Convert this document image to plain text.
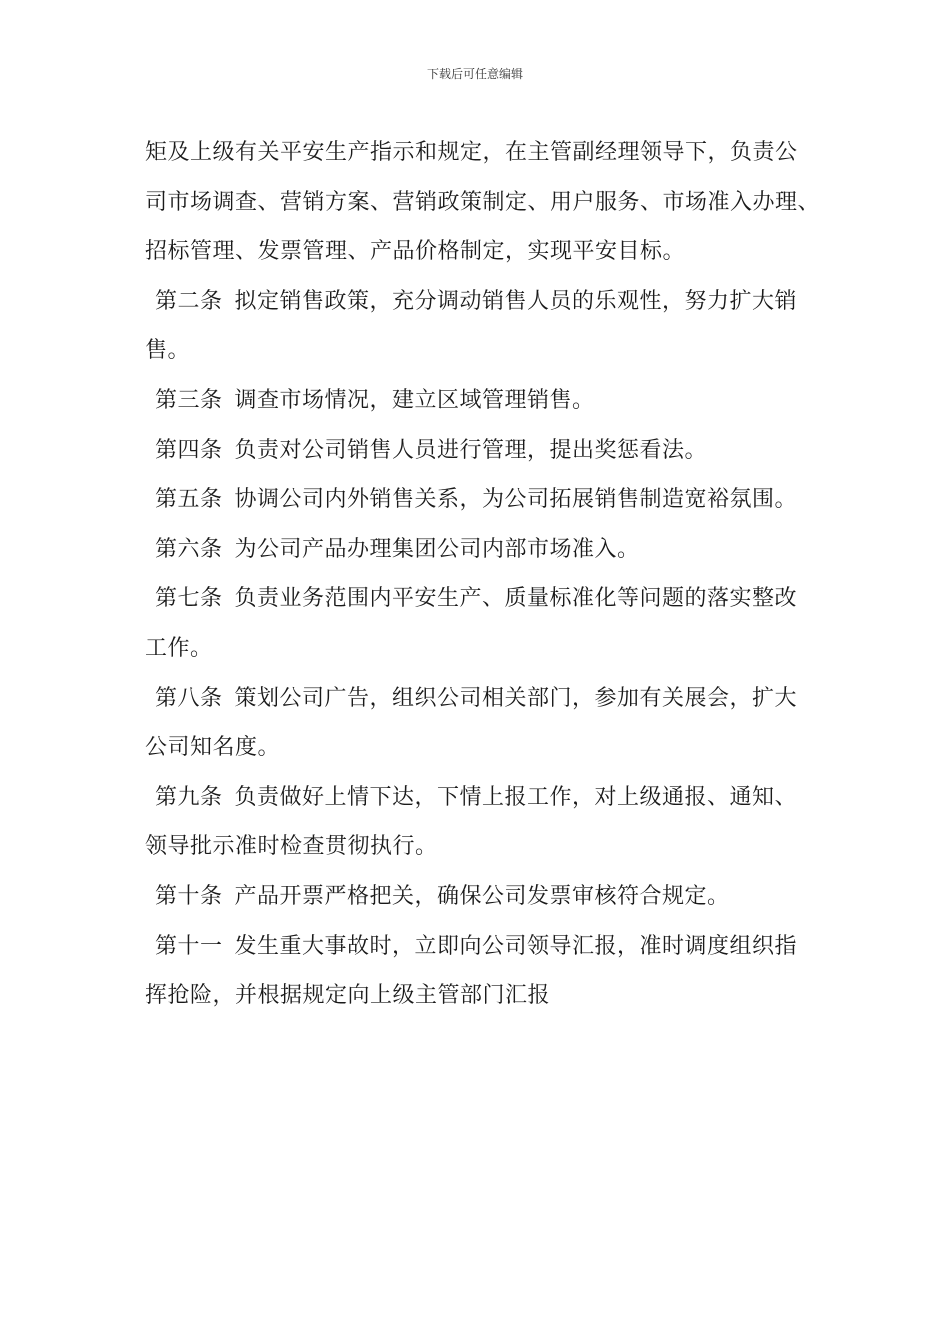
下载后可任意编辑
矩及上级有关平安生产指示和规定，在主管副经理领导下，负责公
司市场调查、营销方案、营销政策制定、用户服务、市场准入办理、
招标管理、发票管理、产品价格制定，实现平安目标。
第二条 拟定销售政策，充分调动销售人员的乐观性，努力扩大销
售。
第三条 调查市场情况，建立区域管理销售。
第四条 负责对公司销售人员进行管理，提出奖惩看法。
第五条 协调公司内外销售关系，为公司拓展销售制造宽裕氛围。
第六条 为公司产品办理集团公司内部市场准入。
第七条 负责业务范围内平安生产、质量标准化等问题的落实整改
工作。
第八条 策划公司广告，组织公司相关部门，参加有关展会，扩大
公司知名度。
第九条 负责做好上情下达，下情上报工作，对上级通报、通知、
领导批示准时检查贯彻执行。
第十条 产品开票严格把关，确保公司发票审核符合规定。
第十一 发生重大事故时，立即向公司领导汇报，准时调度组织指
挥抢险，并根据规定向上级主管部门汇报
